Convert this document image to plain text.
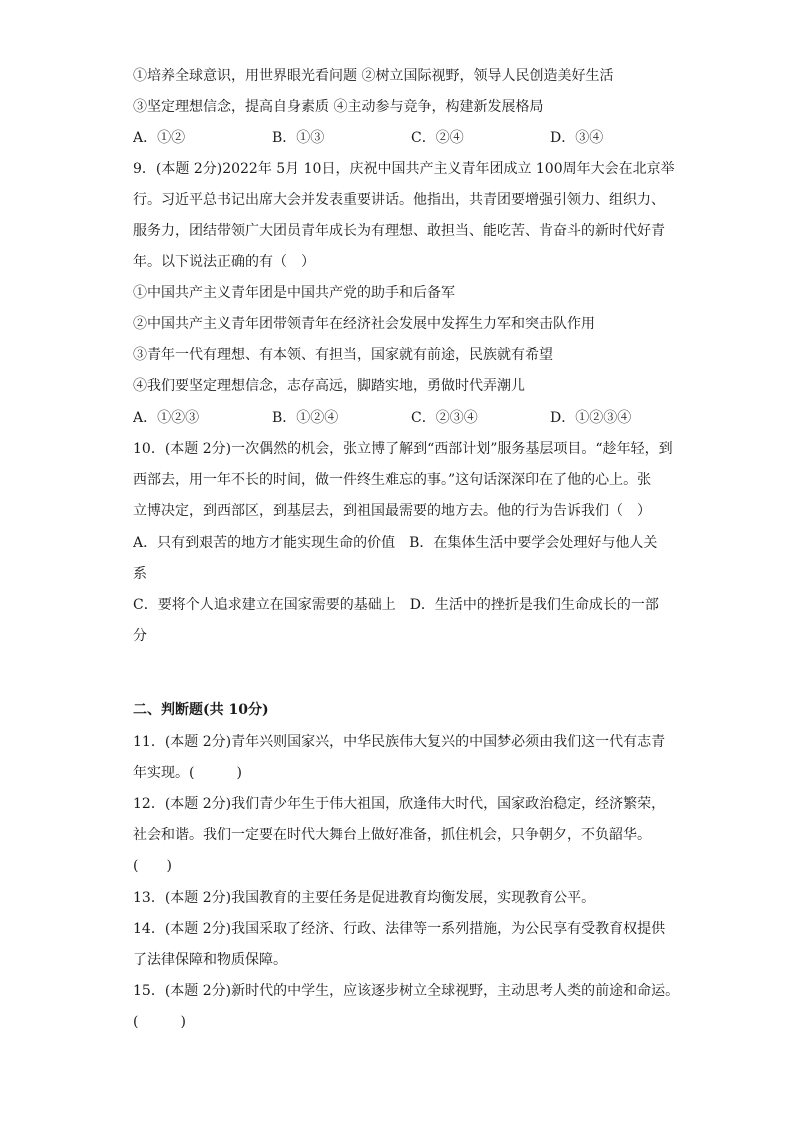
①培养全球意识，用世界眼光看问题 ②树立国际视野，领导人民创造美好生活
③坚定理想信念，提高自身素质 ④主动参与竞争，构建新发展格局
A．①②	B．①③	C．②④	D．③④
9．(本题 2分)2022年 5月 10日，庆祝中国共产主义青年团成立 100周年大会在北京举
行。习近平总书记出席大会并发表重要讲话。他指出，共青团要增强引领力、组织力、
服务力，团结带领广大团员青年成长为有理想、敢担当、能吃苦、肯奋斗的新时代好青
年。以下说法正确的有（　）
①中国共产主义青年团是中国共产党的助手和后备军
②中国共产主义青年团带领青年在经济社会发展中发挥生力军和突击队作用
③青年一代有理想、有本领、有担当，国家就有前途，民族就有希望
④我们要坚定理想信念，志存高远，脚踏实地，勇做时代弄潮儿
A．①②③	B．①②④	C．②③④	D．①②③④
10．(本题 2分)一次偶然的机会，张立博了解到“西部计划”服务基层项目。“趁年轻，到
西部去，用一年不长的时间，做一件终生难忘的事。”这句话深深印在了他的心上。张
立博决定，到西部区，到基层去，到祖国最需要的地方去。他的行为告诉我们（　）
A．只有到艰苦的地方才能实现生命的价值　B．在集体生活中要学会处理好与他人关
系
C．要将个人追求建立在国家需要的基础上　D．生活中的挫折是我们生命成长的一部
分
二、判断题(共 10分)
11．(本题 2分)青年兴则国家兴，中华民族伟大复兴的中国梦必须由我们这一代有志青
年实现。(　　　)
12．(本题 2分)我们青少年生于伟大祖国，欣逢伟大时代，国家政治稳定，经济繁荣，
社会和谐。我们一定要在时代大舞台上做好准备，抓住机会，只争朝夕，不负韶华。
(　　)
13．(本题 2分)我国教育的主要任务是促进教育均衡发展，实现教育公平。
14．(本题 2分)我国采取了经济、行政、法律等一系列措施，为公民享有受教育权提供
了法律保障和物质保障。
15．(本题 2分)新时代的中学生，应该逐步树立全球视野，主动思考人类的前途和命运。
(　　　)
